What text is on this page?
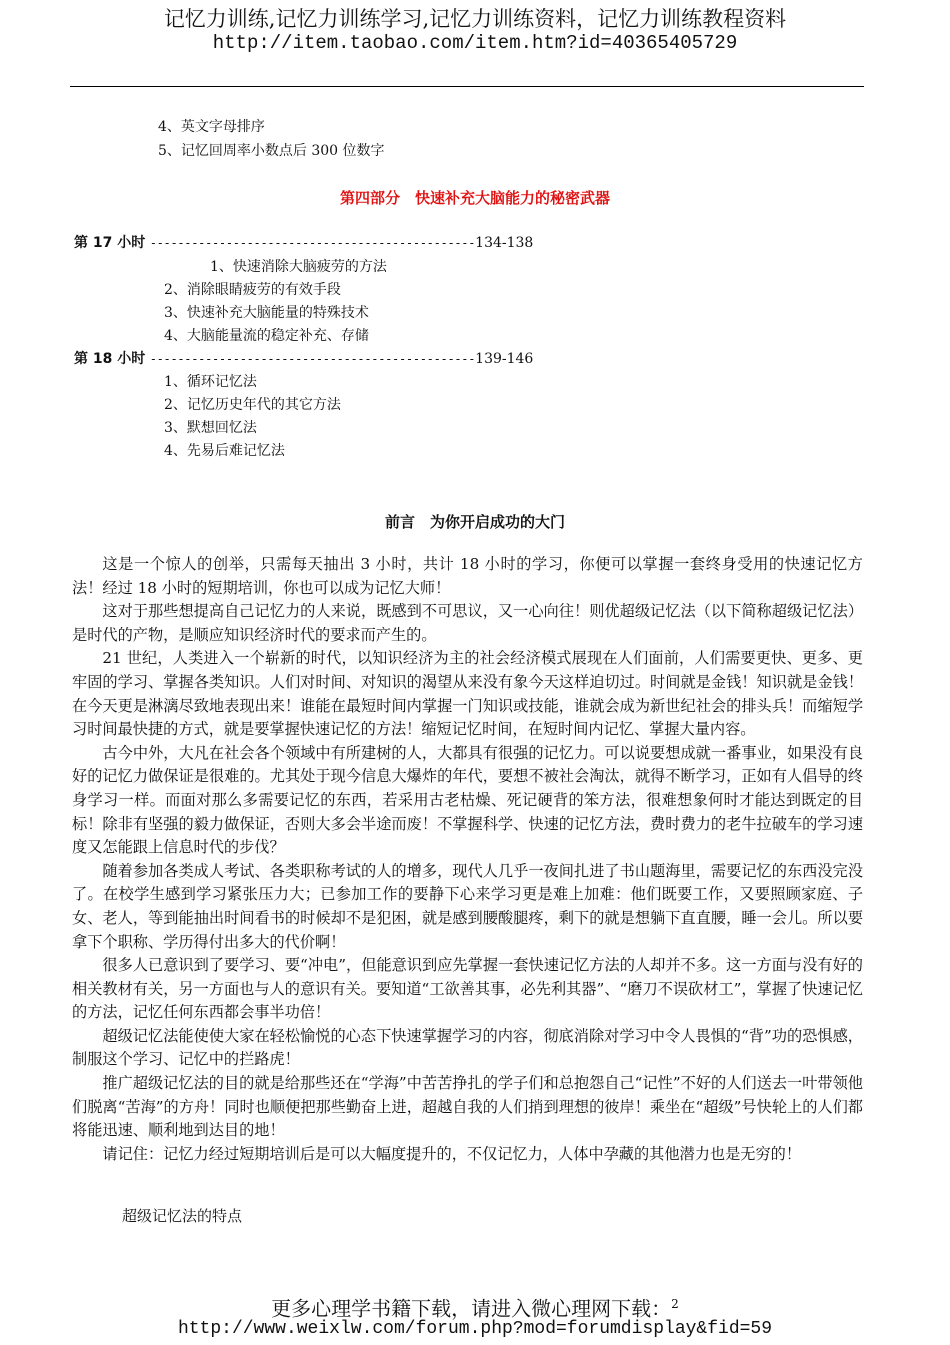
记忆力训练,记忆力训练学习,记忆力训练资料，记忆力训练教程资料
http://item.taobao.com/item.htm?id=40365405729
4、英文字母排序
5、记忆回周率小数点后 300 位数字
第四部分　快速补充大脑能力的秘密武器
第 17 小时 -----------------------------------------------134-138
1、快速消除大脑疲劳的方法
2、消除眼睛疲劳的有效手段
3、快速补充大脑能量的特殊技术
4、大脑能量流的稳定补充、存储
第 18 小时 -----------------------------------------------139-146
1、循环记忆法
2、记忆历史年代的其它方法
3、默想回忆法
4、先易后难记忆法
前言　为你开启成功的大门

这是一个惊人的创举，只需每天抽出 3 小时，共计 18 小时的学习，你便可以掌握一套终身受用的快速记忆方法！经过 18 小时的短期培训，你也可以成为记忆大师！

这对于那些想提高自己记忆力的人来说，既感到不可思议，又一心向往！则优超级记忆法（以下简称超级记忆法）是时代的产物，是顺应知识经济时代的要求而产生的。

21 世纪，人类进入一个崭新的时代，以知识经济为主的社会经济模式展现在人们面前，人们需要更快、更多、更牢固的学习、掌握各类知识。人们对时间、对知识的渴望从来没有象今天这样迫切过。时间就是金钱！知识就是金钱！在今天更是淋漓尽致地表现出来！谁能在最短时间内掌握一门知识或技能，谁就会成为新世纪社会的排头兵！而缩短学习时间最快捷的方式，就是要掌握快速记忆的方法！缩短记忆时间，在短时间内记忆、掌握大量内容。

古今中外，大凡在社会各个领域中有所建树的人，大都具有很强的记忆力。可以说要想成就一番事业，如果没有良好的记忆力做保证是很难的。尤其处于现今信息大爆炸的年代，要想不被社会淘汰，就得不断学习，正如有人倡导的终身学习一样。而面对那么多需要记忆的东西，若采用古老枯燥、死记硬背的笨方法，很难想象何时才能达到既定的目标！除非有坚强的毅力做保证，否则大多会半途而废！不掌握科学、快速的记忆方法，费时费力的老牛拉破车的学习速度又怎能跟上信息时代的步伐？

随着参加各类成人考试、各类职称考试的人的增多，现代人几乎一夜间扎进了书山题海里，需要记忆的东西没完没了。在校学生感到学习紧张压力大；已参加工作的要静下心来学习更是难上加难：他们既要工作，又要照顾家庭、子女、老人，等到能抽出时间看书的时候却不是犯困，就是感到腰酸腿疼，剩下的就是想躺下直直腰，睡一会儿。所以要拿下个职称、学历得付出多大的代价啊！

很多人已意识到了要学习、要“冲电”，但能意识到应先掌握一套快速记忆方法的人却并不多。这一方面与没有好的相关教材有关，另一方面也与人的意识有关。要知道“工欲善其事，必先利其器”、“磨刀不误砍材工”，掌握了快速记忆的方法，记忆任何东西都会事半功倍！

超级记忆法能使使大家在轻松愉悦的心态下快速掌握学习的内容，彻底消除对学习中令人畏惧的“背”功的恐惧感，制服这个学习、记忆中的拦路虎！

推广超级记忆法的目的就是给那些还在“学海”中苦苦挣扎的学子们和总抱怨自己“记性”不好的人们送去一叶带领他们脱离“苦海”的方舟！同时也顺便把那些勤奋上进，超越自我的人们捎到理想的彼岸！乘坐在“超级”号快轮上的人们都将能迅速、顺利地到达目的地！

请记住：记忆力经过短期培训后是可以大幅度提升的，不仅记忆力，人体中孕藏的其他潜力也是无穷的！

超级记忆法的特点
更多心理学书籍下载，请进入微心理网下载：$^2$
http://www.weixlw.com/forum.php?mod=forumdisplay&fid=59
